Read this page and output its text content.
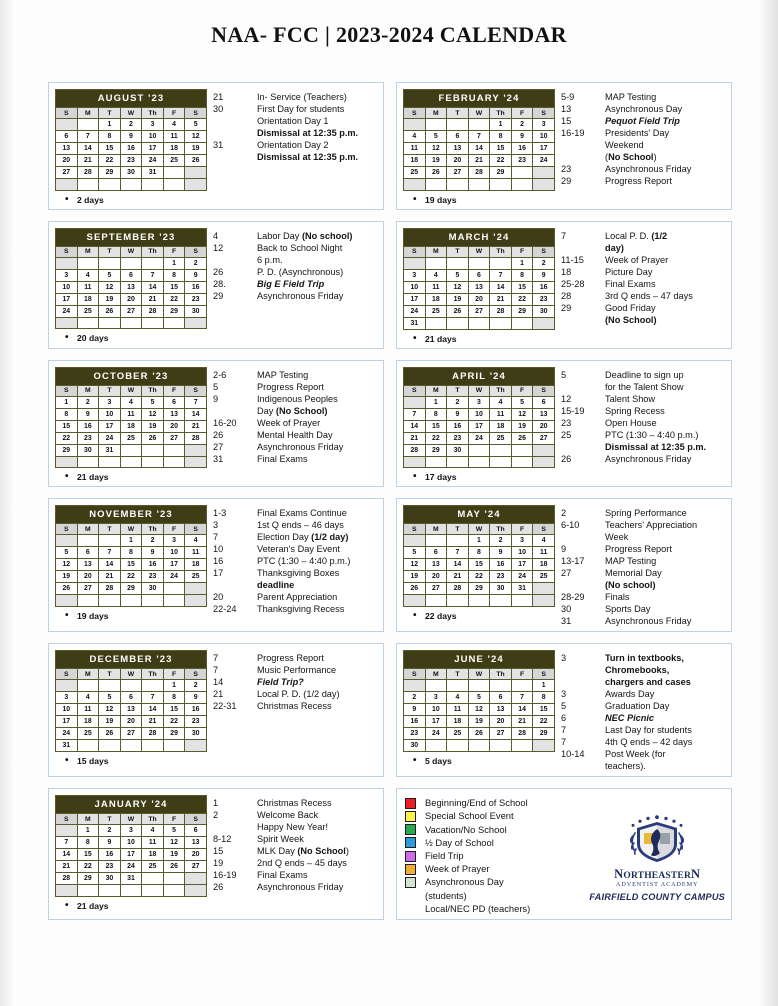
NAA- FCC | 2023-2024 CALENDAR
AUGUST '23						
S	M	T	W	Th	F	S
		1	2	3	4	5
6	7	8	9	10	11	12
13	14	15	16	17	18	19
20	21	22	23	24	25	26
27	28	29	30	31		

• 2 days
21	In- Service (Teachers)
30	First Day for students
Orientation Day 1
Dismissal at 12:35 p.m.
31	Orientation Day 2
Dismissal at 12:35 p.m.
FEBRUARY '24						
S	M	T	W	Th	F	S
				1	2	3
4	5	6	7	8	9	10
11	12	13	14	15	16	17
18	19	20	21	22	23	24
25	26	27	28	29		

• 19 days
5-9	MAP Testing
13	Asynchronous Day
15	Pequot Field Trip
16-19	Presidents' Day
Weekend
(No School)
23	Asynchronous Friday
29	Progress Report
SEPTEMBER '23						
S	M	T	W	Th	F	S
					1	2
3	4	5	6	7	8	9
10	11	12	13	14	15	16
17	18	19	20	21	22	23
24	25	26	27	28	29	30

• 20 days
4	Labor Day (No school)
12	Back to School Night
6 p.m.
26	P. D. (Asynchronous)
28.	Big E Field Trip
29	Asynchronous Friday
MARCH '24						
S	M	T	W	Th	F	S
					1	2
3	4	5	6	7	8	9
10	11	12	13	14	15	16
17	18	19	20	21	22	23
24	25	26	27	28	29	30
31						
• 21 days
7	Local P. D. (1/2
day)
11-15	Week of Prayer
18	Picture Day
25-28	Final Exams
28	3rd Q ends – 47 days
29	Good Friday
(No School)
OCTOBER '23						
S	M	T	W	Th	F	S
1	2	3	4	5	6	7
8	9	10	11	12	13	14
15	16	17	18	19	20	21
22	23	24	25	26	27	28
29	30	31				

• 21 days
2-6	MAP Testing
5	Progress Report
9	Indigenous Peoples
Day (No School)
16-20	Week of Prayer
26	Mental Health Day
27	Asynchronous Friday
31	Final Exams
APRIL '24						
S	M	T	W	Th	F	S
	1	2	3	4	5	6
7	8	9	10	11	12	13
14	15	16	17	18	19	20
21	22	23	24	25	26	27
28	29	30				

• 17 days
5	Deadline to sign up
for the Talent Show
12	Talent Show
15-19	Spring Recess
23	Open House
25	PTC (1:30 – 4:40 p.m.)
Dismissal at 12:35 p.m.
26	Asynchronous Friday
NOVEMBER '23						
S	M	T	W	Th	F	S
			1	2	3	4
5	6	7	8	9	10	11
12	13	14	15	16	17	18
19	20	21	22	23	24	25
26	27	28	29	30		

• 19 days
1-3	Final Exams Continue
3	1st Q ends – 46 days
7	Election Day (1/2 day)
10	Veteran's Day Event
16	PTC (1:30 – 4:40 p.m.)
17	Thanksgiving Boxes
deadline
20	Parent Appreciation
22-24	Thanksgiving Recess
MAY '24						
S	M	T	W	Th	F	S
			1	2	3	4
5	6	7	8	9	10	11
12	13	14	15	16	17	18
19	20	21	22	23	24	25
26	27	28	29	30	31	

• 22 days
2	Spring Performance
6-10	Teachers' Appreciation
Week
9	Progress Report
13-17	MAP Testing
27	Memorial Day
(No school)
28-29	Finals
30	Sports Day
31	Asynchronous Friday
DECEMBER '23						
S	M	T	W	Th	F	S
					1	2
3	4	5	6	7	8	9
10	11	12	13	14	15	16
17	18	19	20	21	22	23
24	25	26	27	28	29	30
31						
• 15 days
7	Progress Report
7	Music Performance
14	Field Trip?
21	Local P. D. (1/2 day)
22-31	Christmas Recess
JUNE '24						
S	M	T	W	Th	F	S
						1
2	3	4	5	6	7	8
9	10	11	12	13	14	15
16	17	18	19	20	21	22
23	24	25	26	27	28	29
30						
• 5 days
3	Turn in textbooks,
Chromebooks,
chargers and cases
3	Awards Day
5	Graduation Day
6	NEC Picnic
7	Last Day for students
7	4th Q ends – 42 days
10-14	Post Week (for
teachers).
JANUARY '24						
S	M	T	W	Th	F	S
	1	2	3	4	5	6
7	8	9	10	11	12	13
14	15	16	17	18	19	20
21	22	23	24	25	26	27
28	29	30	31			

• 21 days
1	Christmas Recess
2	Welcome Back
Happy New Year!
8-12	Spirit Week
15	MLK Day (No School)
19	2nd Q ends – 45 days
16-19	Final Exams
26	Asynchronous Friday
Beginning/End of School
Special School Event
Vacation/No School
½ Day of School
Field Trip
Week of Prayer
Asynchronous Day
(students)
Local/NEC PD (teachers)
NORTHEASTERN
ADVENTIST ACADEMY
FAIRFIELD COUNTY CAMPUS
